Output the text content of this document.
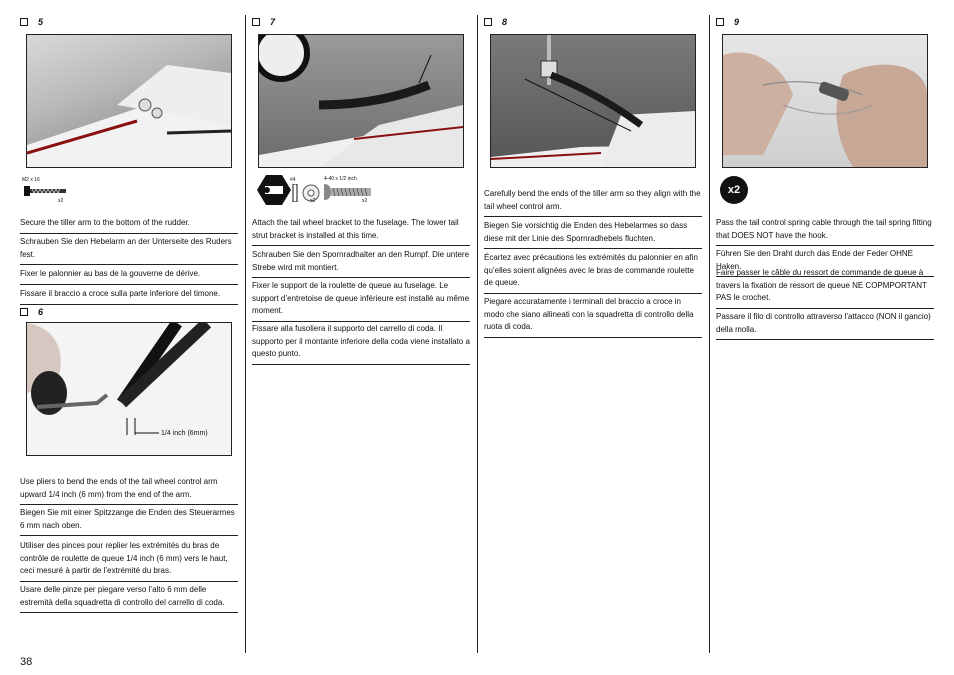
5
M2 x 16
x2
Secure the tiller arm to the bottom of the rudder.
Schrauben Sie den Hebelarm an der Unterseite des Ruders fest.
Fixer le palonnier au bas de la gouverne de dérive.
Fissare il braccio a croce sulla parte inferiore del timone.
6
1/4 inch (6mm)
Use pliers to bend the ends of the tail wheel control arm upward 1/4 inch (6 mm) from the end of the arm.
Biegen Sie mit einer Spitzzange die Enden des Steuerarmes 6 mm nach oben.
Utiliser des pinces pour replier les extrémités du bras de contrôle de roulette de queue 1/4 inch (6 mm) vers le haut, ceci mesuré à partir de l’extrémité du bras.
Usare delle pinze per piegare verso l’alto 6 mm delle estremità della squadretta di controllo del carrello di coda.
7
#4
x2
4-40 x 1/2 inch
x2
Attach the tail wheel bracket to the fuselage. The lower tail strut bracket is installed at this time.
Schrauben Sie den Spornradhalter an den Rumpf. Die untere Strebe wird mit montiert.
Fixer le support de la roulette de queue au fuselage. Le support d’entretoise de queue inférieure est installé au même moment.
Fissare alla fusoliera il supporto del carrello di coda. Il supporto per il montante inferiore della coda viene installato a questo punto.
8
Carefully bend the ends of the tiller arm so they align with the tail wheel control arm.
Biegen Sie vorsichtig die Enden des Hebelarmes so dass diese mit der Linie des Spornradhebels fluchten.
Écartez avec précautions les extrémités du palonnier en afin qu’elles soient alignées avec le bras de commande roulette de queue.
Piegare accuratamente i terminali del braccio a croce in modo che siano allineati con la squadretta di controllo della ruota di coda.
9
x2
Pass the tail control spring cable through the tail spring fitting that DOES NOT have the hook.
Führen Sie den Draht durch das Ende der Feder OHNE Haken.
Faire passer le câble du ressort de commande de queue à travers la fixation de ressort de queue NE COPMPORTANT PAS le crochet.
Passare il filo di controllo attraverso l’attacco (NON il gancio) della molla.
38
